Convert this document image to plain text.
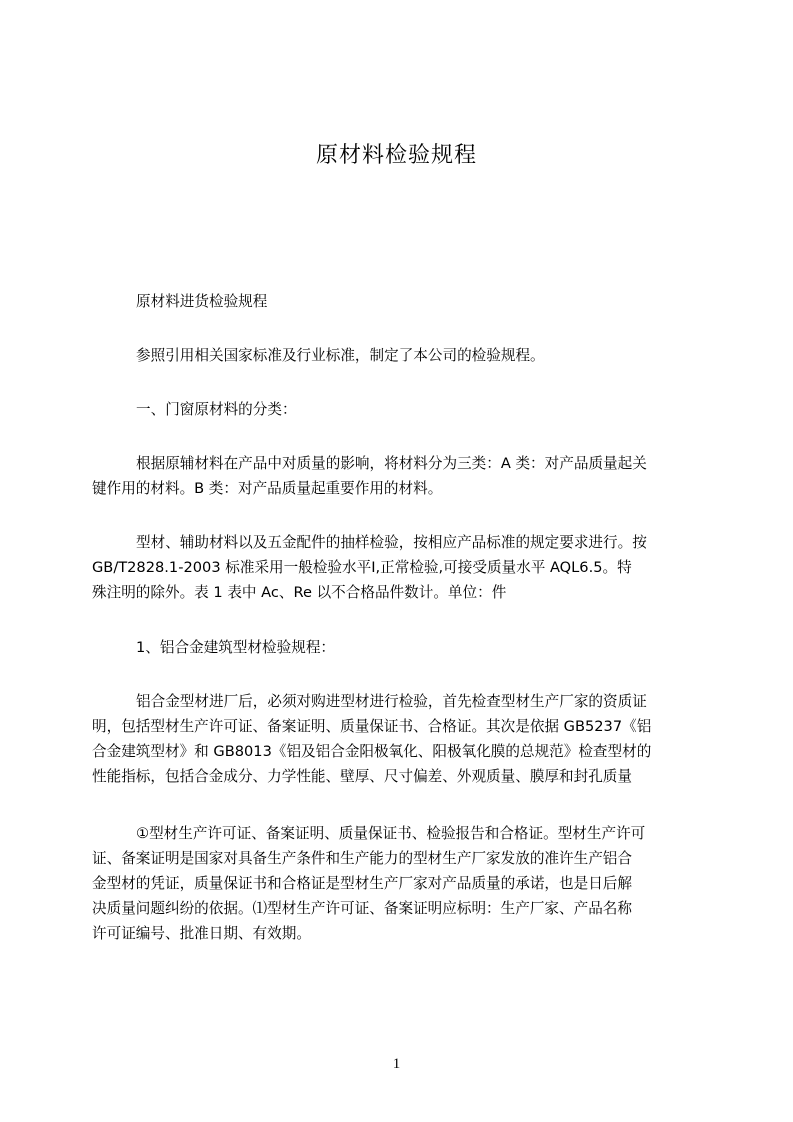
原材料检验规程
原材料进货检验规程
参照引用相关国家标准及行业标准，制定了本公司的检验规程。
一、门窗原材料的分类：
根据原辅材料在产品中对质量的影响，将材料分为三类：A 类：对产品质量起关
键作用的材料。B 类：对产品质量起重要作用的材料。
型材、辅助材料以及五金配件的抽样检验，按相应产品标准的规定要求进行。按
GB/T2828.1-2003 标准采用一般检验水平Ⅰ,正常检验,可接受质量水平 AQL6.5。特
殊注明的除外。表 1 表中 Ac、Re 以不合格品件数计。单位：件
1、铝合金建筑型材检验规程：
铝合金型材进厂后，必须对购进型材进行检验，首先检查型材生产厂家的资质证
明，包括型材生产许可证、备案证明、质量保证书、合格证。其次是依据 GB5237《铝
合金建筑型材》和 GB8013《铝及铝合金阳极氧化、阳极氧化膜的总规范》检查型材的
性能指标，包括合金成分、力学性能、壁厚、尺寸偏差、外观质量、膜厚和封孔质量
①型材生产许可证、备案证明、质量保证书、检验报告和合格证。型材生产许可
证、备案证明是国家对具备生产条件和生产能力的型材生产厂家发放的准许生产铝合
金型材的凭证，质量保证书和合格证是型材生产厂家对产品质量的承诺，也是日后解
决质量问题纠纷的依据。⑴型材生产许可证、备案证明应标明：生产厂家、产品名称
许可证编号、批准日期、有效期。
1
